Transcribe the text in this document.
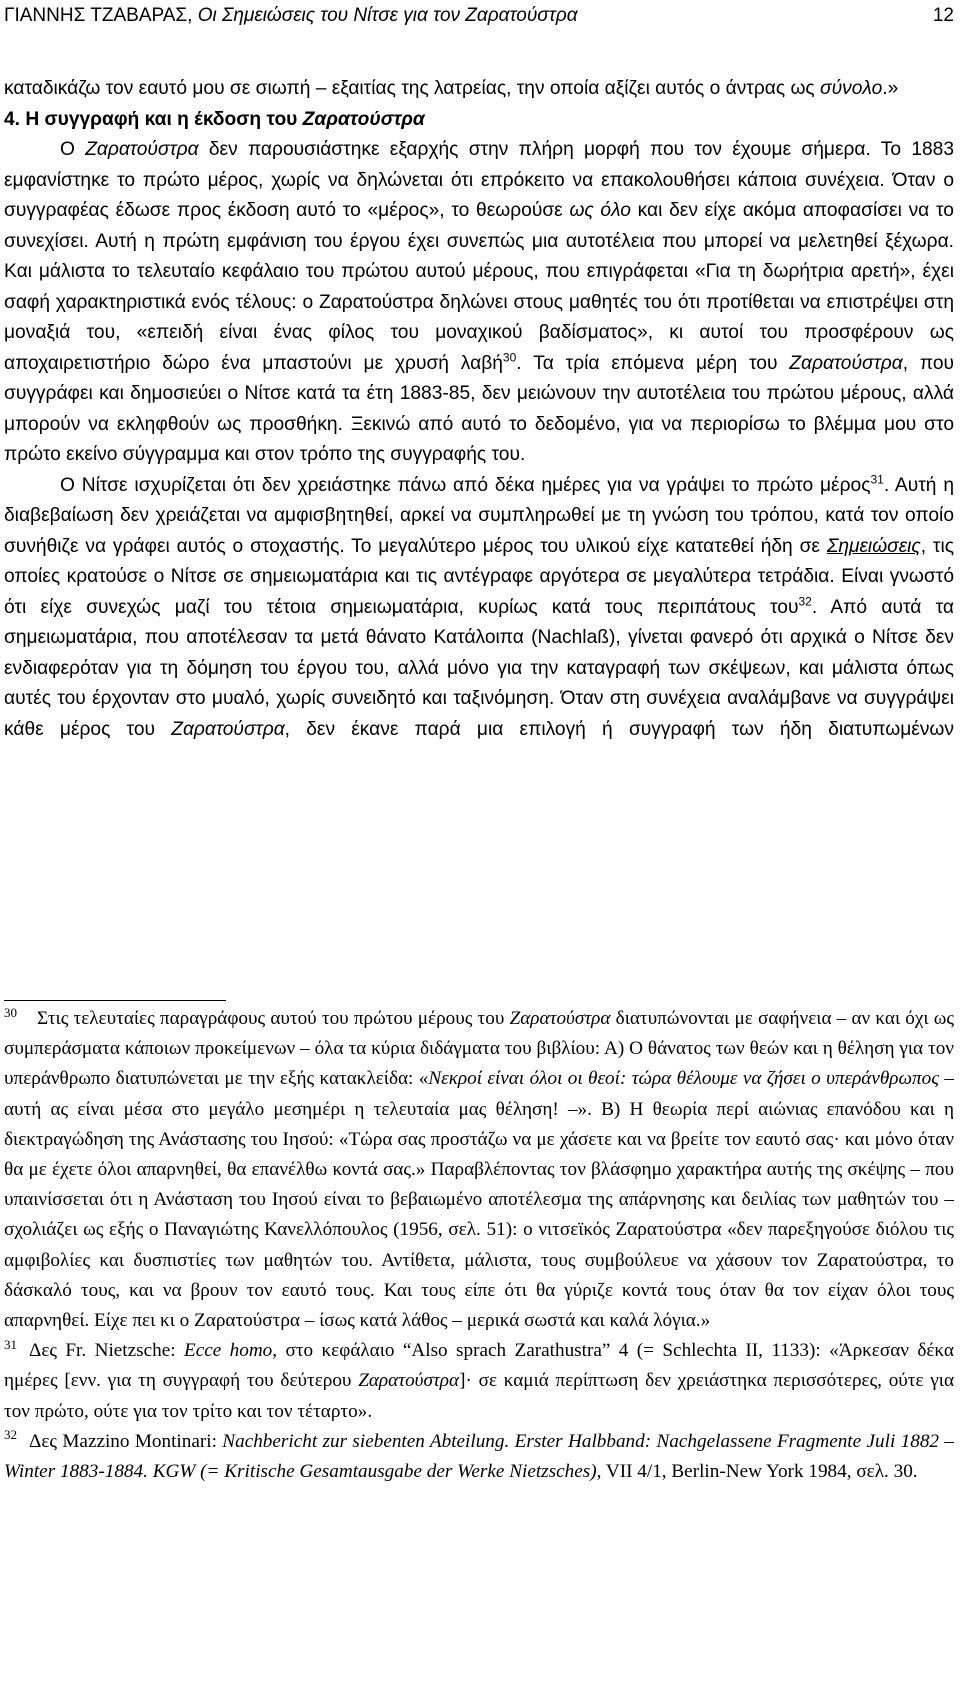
ΓΙΑΝΝΗΣ ΤΖΑΒΑΡΑΣ, Οι Σημειώσεις του Νίτσε για τον Ζαρατούστρα	12

καταδικάζω τον εαυτό μου σε σιωπή – εξαιτίας της λατρείας, την οποία αξίζει αυτός ο άντρας ως σύνολο.»

4. Η συγγραφή και η έκδοση του Ζαρατούστρα

Ο Ζαρατούστρα δεν παρουσιάστηκε εξαρχής στην πλήρη μορφή που τον έχουμε σήμερα. Το 1883 εμφανίστηκε το πρώτο μέρος, χωρίς να δηλώνεται ότι επρόκειτο να επακολουθήσει κάποια συνέχεια. Όταν ο συγγραφέας έδωσε προς έκδοση αυτό το «μέρος», το θεωρούσε ως όλο και δεν είχε ακόμα αποφασίσει να το συνεχίσει. Αυτή η πρώτη εμφάνιση του έργου έχει συνεπώς μια αυτοτέλεια που μπορεί να μελετηθεί ξέχωρα. Και μάλιστα το τελευταίο κεφάλαιο του πρώτου αυτού μέρους, που επιγράφεται «Για τη δωρήτρια αρετή», έχει σαφή χαρακτηριστικά ενός τέλους: ο Ζαρατούστρα δηλώνει στους μαθητές του ότι προτίθεται να επιστρέψει στη μοναξιά του, «επειδή είναι ένας φίλος του μοναχικού βαδίσματος», κι αυτοί του προσφέρουν ως αποχαιρετιστήριο δώρο ένα μπαστούνι με χρυσή λαβή$^{30}$. Τα τρία επόμενα μέρη του Ζαρατούστρα, που συγγράφει και δημοσιεύει ο Νίτσε κατά τα έτη 1883-85, δεν μειώνουν την αυτοτέλεια του πρώτου μέρους, αλλά μπορούν να εκληφθούν ως προσθήκη. Ξεκινώ από αυτό το δεδομένο, για να περιορίσω το βλέμμα μου στο πρώτο εκείνο σύγγραμμα και στον τρόπο της συγγραφής του.

Ο Νίτσε ισχυρίζεται ότι δεν χρειάστηκε πάνω από δέκα ημέρες για να γράψει το πρώτο μέρος$^{31}$. Αυτή η διαβεβαίωση δεν χρειάζεται να αμφισβητηθεί, αρκεί να συμπληρωθεί με τη γνώση του τρόπου, κατά τον οποίο συνήθιζε να γράφει αυτός ο στοχαστής. Το μεγαλύτερο μέρος του υλικού είχε κατατεθεί ήδη σε Σημειώσεις, τις οποίες κρατούσε ο Νίτσε σε σημειωματάρια και τις αντέγραφε αργότερα σε μεγαλύτερα τετράδια. Είναι γνωστό ότι είχε συνεχώς μαζί του τέτοια σημειωματάρια, κυρίως κατά τους περιπάτους του$^{32}$. Από αυτά τα σημειωματάρια, που αποτέλεσαν τα μετά θάνατο Κατάλοιπα (Nachlaß), γίνεται φανερό ότι αρχικά ο Νίτσε δεν ενδιαφερόταν για τη δόμηση του έργου του, αλλά μόνο για την καταγραφή των σκέψεων, και μάλιστα όπως αυτές του έρχονταν στο μυαλό, χωρίς συνειδητό και ταξινόμηση. Όταν στη συνέχεια αναλάμβανε να συγγράψει κάθε μέρος του Ζαρατούστρα, δεν έκανε παρά μια επιλογή ή συγγραφή των ήδη διατυπωμένων

$^{30}$ Στις τελευταίες παραγράφους αυτού του πρώτου μέρους του Ζαρατούστρα διατυπώνονται με σαφήνεια – αν και όχι ως συμπεράσματα κάποιων προκείμενων – όλα τα κύρια διδάγματα του βιβλίου: Α) Ο θάνατος των θεών και η θέληση για τον υπεράνθρωπο διατυπώνεται με την εξής κατακλείδα: «Νεκροί είναι όλοι οι θεοί: τώρα θέλουμε να ζήσει ο υπεράνθρωπος – αυτή ας είναι μέσα στο μεγάλο μεσημέρι η τελευταία μας θέληση! –». Β) Η θεωρία περί αιώνιας επανόδου και η διεκτραγώδηση της Ανάστασης του Ιησού: «Τώρα σας προστάζω να με χάσετε και να βρείτε τον εαυτό σας· και μόνο όταν θα με έχετε όλοι απαρνηθεί, θα επανέλθω κοντά σας.» Παραβλέποντας τον βλάσφημο χαρακτήρα αυτής της σκέψης – που υπαινίσσεται ότι η Ανάσταση του Ιησού είναι το βεβαιωμένο αποτέλεσμα της απάρνησης και δειλίας των μαθητών του – σχολιάζει ως εξής ο Παναγιώτης Κανελλόπουλος (1956, σελ. 51): ο νιτσεϊκός Ζαρατούστρα «δεν παρεξηγούσε διόλου τις αμφιβολίες και δυσπιστίες των μαθητών του. Αντίθετα, μάλιστα, τους συμβούλευε να χάσουν τον Ζαρατούστρα, το δάσκαλό τους, και να βρουν τον εαυτό τους. Και τους είπε ότι θα γύριζε κοντά τους όταν θα τον είχαν όλοι τους απαρνηθεί. Είχε πει κι ο Ζαρατούστρα – ίσως κατά λάθος – μερικά σωστά και καλά λόγια.»

$^{31}$ Δες Fr. Nietzsche: Ecce homo, στο κεφάλαιο “Also sprach Zarathustra” 4 (= Schlechta II, 1133): «Άρκεσαν δέκα ημέρες [ενν. για τη συγγραφή του δεύτερου Ζαρατούστρα]· σε καμιά περίπτωση δεν χρειάστηκα περισσότερες, ούτε για τον πρώτο, ούτε για τον τρίτο και τον τέταρτο».

$^{32}$ Δες Mazzino Montinari: Nachbericht zur siebenten Abteilung. Erster Halbband: Nachgelassene Fragmente Juli 1882 – Winter 1883-1884. KGW (= Kritische Gesamtausgabe der Werke Nietzsches), VII 4/1, Berlin-New York 1984, σελ. 30.
